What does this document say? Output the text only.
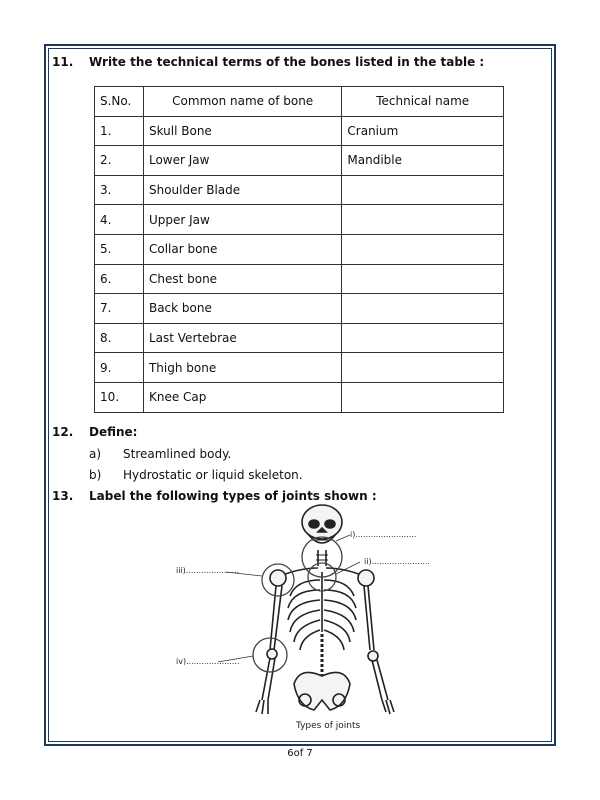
11. Write the technical terms of the bones listed in the table :
S.No.	Common name of bone	Technical name
1.	Skull Bone	Cranium
2.	Lower Jaw	Mandible
3.	Shoulder Blade	
4.	Upper Jaw	
5.	Collar bone	
6.	Chest bone	
7.	Back bone	
8.	Last Vertebrae	
9.	Thigh bone	
10.	Knee Cap	
12. Define:
a) Streamlined body.
b) Hydrostatic or liquid skeleton.
13. Label the following types of joints shown :
i)........................
ii).......................
iii).....................
iv).....................
Types of joints
6of 7
